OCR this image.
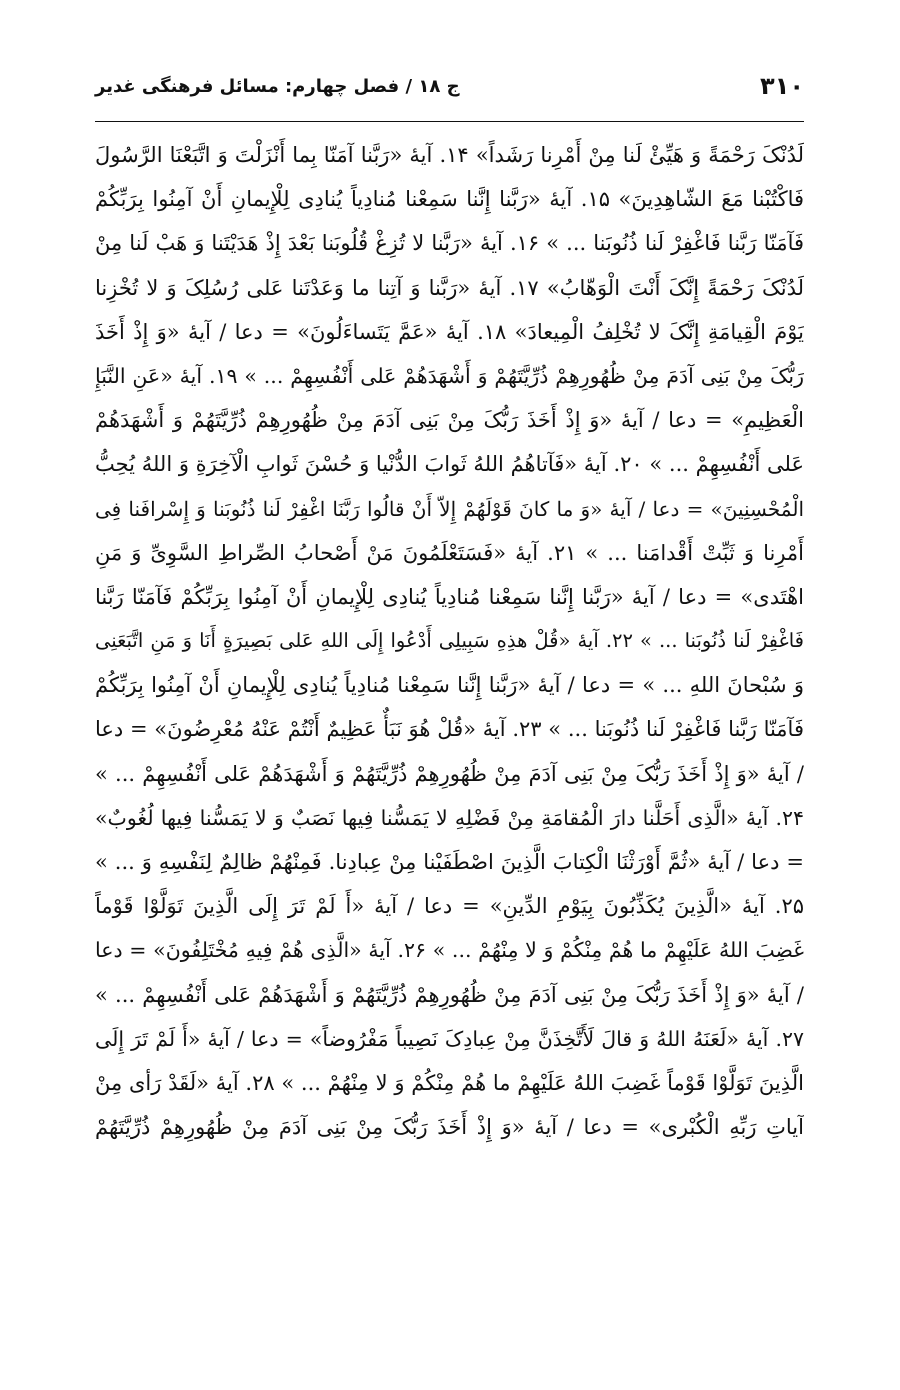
۳۱۰
ج ۱۸ / فصل چهارم: مسائل فرهنگی غدیر
لَدُنْکَ رَحْمَةً وَ هَیِّئْ لَنا مِنْ أَمْرِنا رَشَداً» ۱۴. آیهٔ «رَبَّنا آمَنّا بِما أَنْزَلْتَ وَ اتَّبَعْنَا الرَّسُولَ
فَاکْتُبْنا مَعَ الشّاهِدِینَ» ۱۵. آیهٔ «رَبَّنا إِنَّنا سَمِعْنا مُنادِیاً یُنادِی لِلْإِیمانِ أَنْ آمِنُوا بِرَبِّکُمْ
فَآمَنّا رَبَّنا فَاغْفِرْ لَنا ذُنُوبَنا ... » ۱۶. آیهٔ «رَبَّنا لا تُزِغْ قُلُوبَنا بَعْدَ إِذْ هَدَیْتَنا وَ هَبْ لَنا مِنْ
لَدُنْکَ رَحْمَةً إِنَّکَ أَنْتَ الْوَهّابُ» ۱۷. آیهٔ «رَبَّنا وَ آتِنا ما وَعَدْتَنا عَلی رُسُلِکَ وَ لا تُخْزِنا
یَوْمَ الْقِیامَةِ إِنَّکَ لا تُخْلِفُ الْمِیعادَ» ۱۸. آیهٔ «عَمَّ یَتَساءَلُونَ» = دعا / آیهٔ «وَ إِذْ أَخَذَ
رَبُّکَ مِنْ بَنِی آدَمَ مِنْ ظُهُورِهِمْ ذُرِّیَّتَهُمْ وَ أَشْهَدَهُمْ عَلی أَنْفُسِهِمْ ... » ۱۹. آیهٔ «عَنِ النَّبَإِ
الْعَظِیمِ» = دعا / آیهٔ «وَ إِذْ أَخَذَ رَبُّکَ مِنْ بَنِی آدَمَ مِنْ ظُهُورِهِمْ ذُرِّیَّتَهُمْ وَ أَشْهَدَهُمْ
عَلی أَنْفُسِهِمْ ... » ۲۰. آیهٔ «فَآتاهُمُ اللهُ ثَوابَ الدُّنْیا وَ حُسْنَ ثَوابِ الْآخِرَةِ وَ اللهُ یُحِبُّ
الْمُحْسِنِینَ» = دعا / آیهٔ «وَ ما کانَ قَوْلَهُمْ إِلاّ أَنْ قالُوا رَبَّنَا اغْفِرْ لَنا ذُنُوبَنا وَ إِسْرافَنا فِی
أَمْرِنا وَ ثَبِّتْ أَقْدامَنا ... » ۲۱. آیهٔ «فَسَتَعْلَمُونَ مَنْ أَصْحابُ الصِّراطِ السَّوِیِّ وَ مَنِ
اهْتَدی» = دعا / آیهٔ «رَبَّنا إِنَّنا سَمِعْنا مُنادِیاً یُنادِی لِلْإِیمانِ أَنْ آمِنُوا بِرَبِّکُمْ فَآمَنّا رَبَّنا
فَاغْفِرْ لَنا ذُنُوبَنا ... » ۲۲. آیهٔ «قُلْ هذِهِ سَبِیلِی أَدْعُوا إِلَی اللهِ عَلی بَصِیرَةٍ أَنَا وَ مَنِ اتَّبَعَنِی
وَ سُبْحانَ اللهِ ... » = دعا / آیهٔ «رَبَّنا إِنَّنا سَمِعْنا مُنادِیاً یُنادِی لِلْإِیمانِ أَنْ آمِنُوا بِرَبِّکُمْ
فَآمَنّا رَبَّنا فَاغْفِرْ لَنا ذُنُوبَنا ... » ۲۳. آیهٔ «قُلْ هُوَ نَبَأٌ عَظِیمٌ أَنْتُمْ عَنْهُ مُعْرِضُونَ» = دعا
/ آیهٔ «وَ إِذْ أَخَذَ رَبُّکَ مِنْ بَنِی آدَمَ مِنْ ظُهُورِهِمْ ذُرِّیَّتَهُمْ وَ أَشْهَدَهُمْ عَلی أَنْفُسِهِمْ ... »
۲۴. آیهٔ «الَّذِی أَحَلَّنا دارَ الْمُقامَةِ مِنْ فَضْلِهِ لا یَمَسُّنا فِیها نَصَبٌ وَ لا یَمَسُّنا فِیها لُغُوبٌ»
= دعا / آیهٔ «ثُمَّ أَوْرَثْنَا الْکِتابَ الَّذِینَ اصْطَفَیْنا مِنْ عِبادِنا. فَمِنْهُمْ ظالِمٌ لِنَفْسِهِ وَ ... »
۲۵. آیهٔ «الَّذِینَ یُکَذِّبُونَ بِیَوْمِ الدِّینِ» = دعا / آیهٔ «أَ لَمْ تَرَ إِلَی الَّذِینَ تَوَلَّوْا قَوْماً
غَضِبَ اللهُ عَلَیْهِمْ ما هُمْ مِنْکُمْ وَ لا مِنْهُمْ ... » ۲۶. آیهٔ «الَّذِی هُمْ فِیهِ مُخْتَلِفُونَ» = دعا
/ آیهٔ «وَ إِذْ أَخَذَ رَبُّکَ مِنْ بَنِی آدَمَ مِنْ ظُهُورِهِمْ ذُرِّیَّتَهُمْ وَ أَشْهَدَهُمْ عَلی أَنْفُسِهِمْ ... »
۲۷. آیهٔ «لَعَنَهُ اللهُ وَ قالَ لَأَتَّخِذَنَّ مِنْ عِبادِکَ نَصِیباً مَفْرُوضاً» = دعا / آیهٔ «أَ لَمْ تَرَ إِلَی
الَّذِینَ تَوَلَّوْا قَوْماً غَضِبَ اللهُ عَلَیْهِمْ ما هُمْ مِنْکُمْ وَ لا مِنْهُمْ ... » ۲۸. آیهٔ «لَقَدْ رَأی مِنْ
آیاتِ رَبِّهِ الْکُبْری» = دعا / آیهٔ «وَ إِذْ أَخَذَ رَبُّکَ مِنْ بَنِی آدَمَ مِنْ ظُهُورِهِمْ ذُرِّیَّتَهُمْ
